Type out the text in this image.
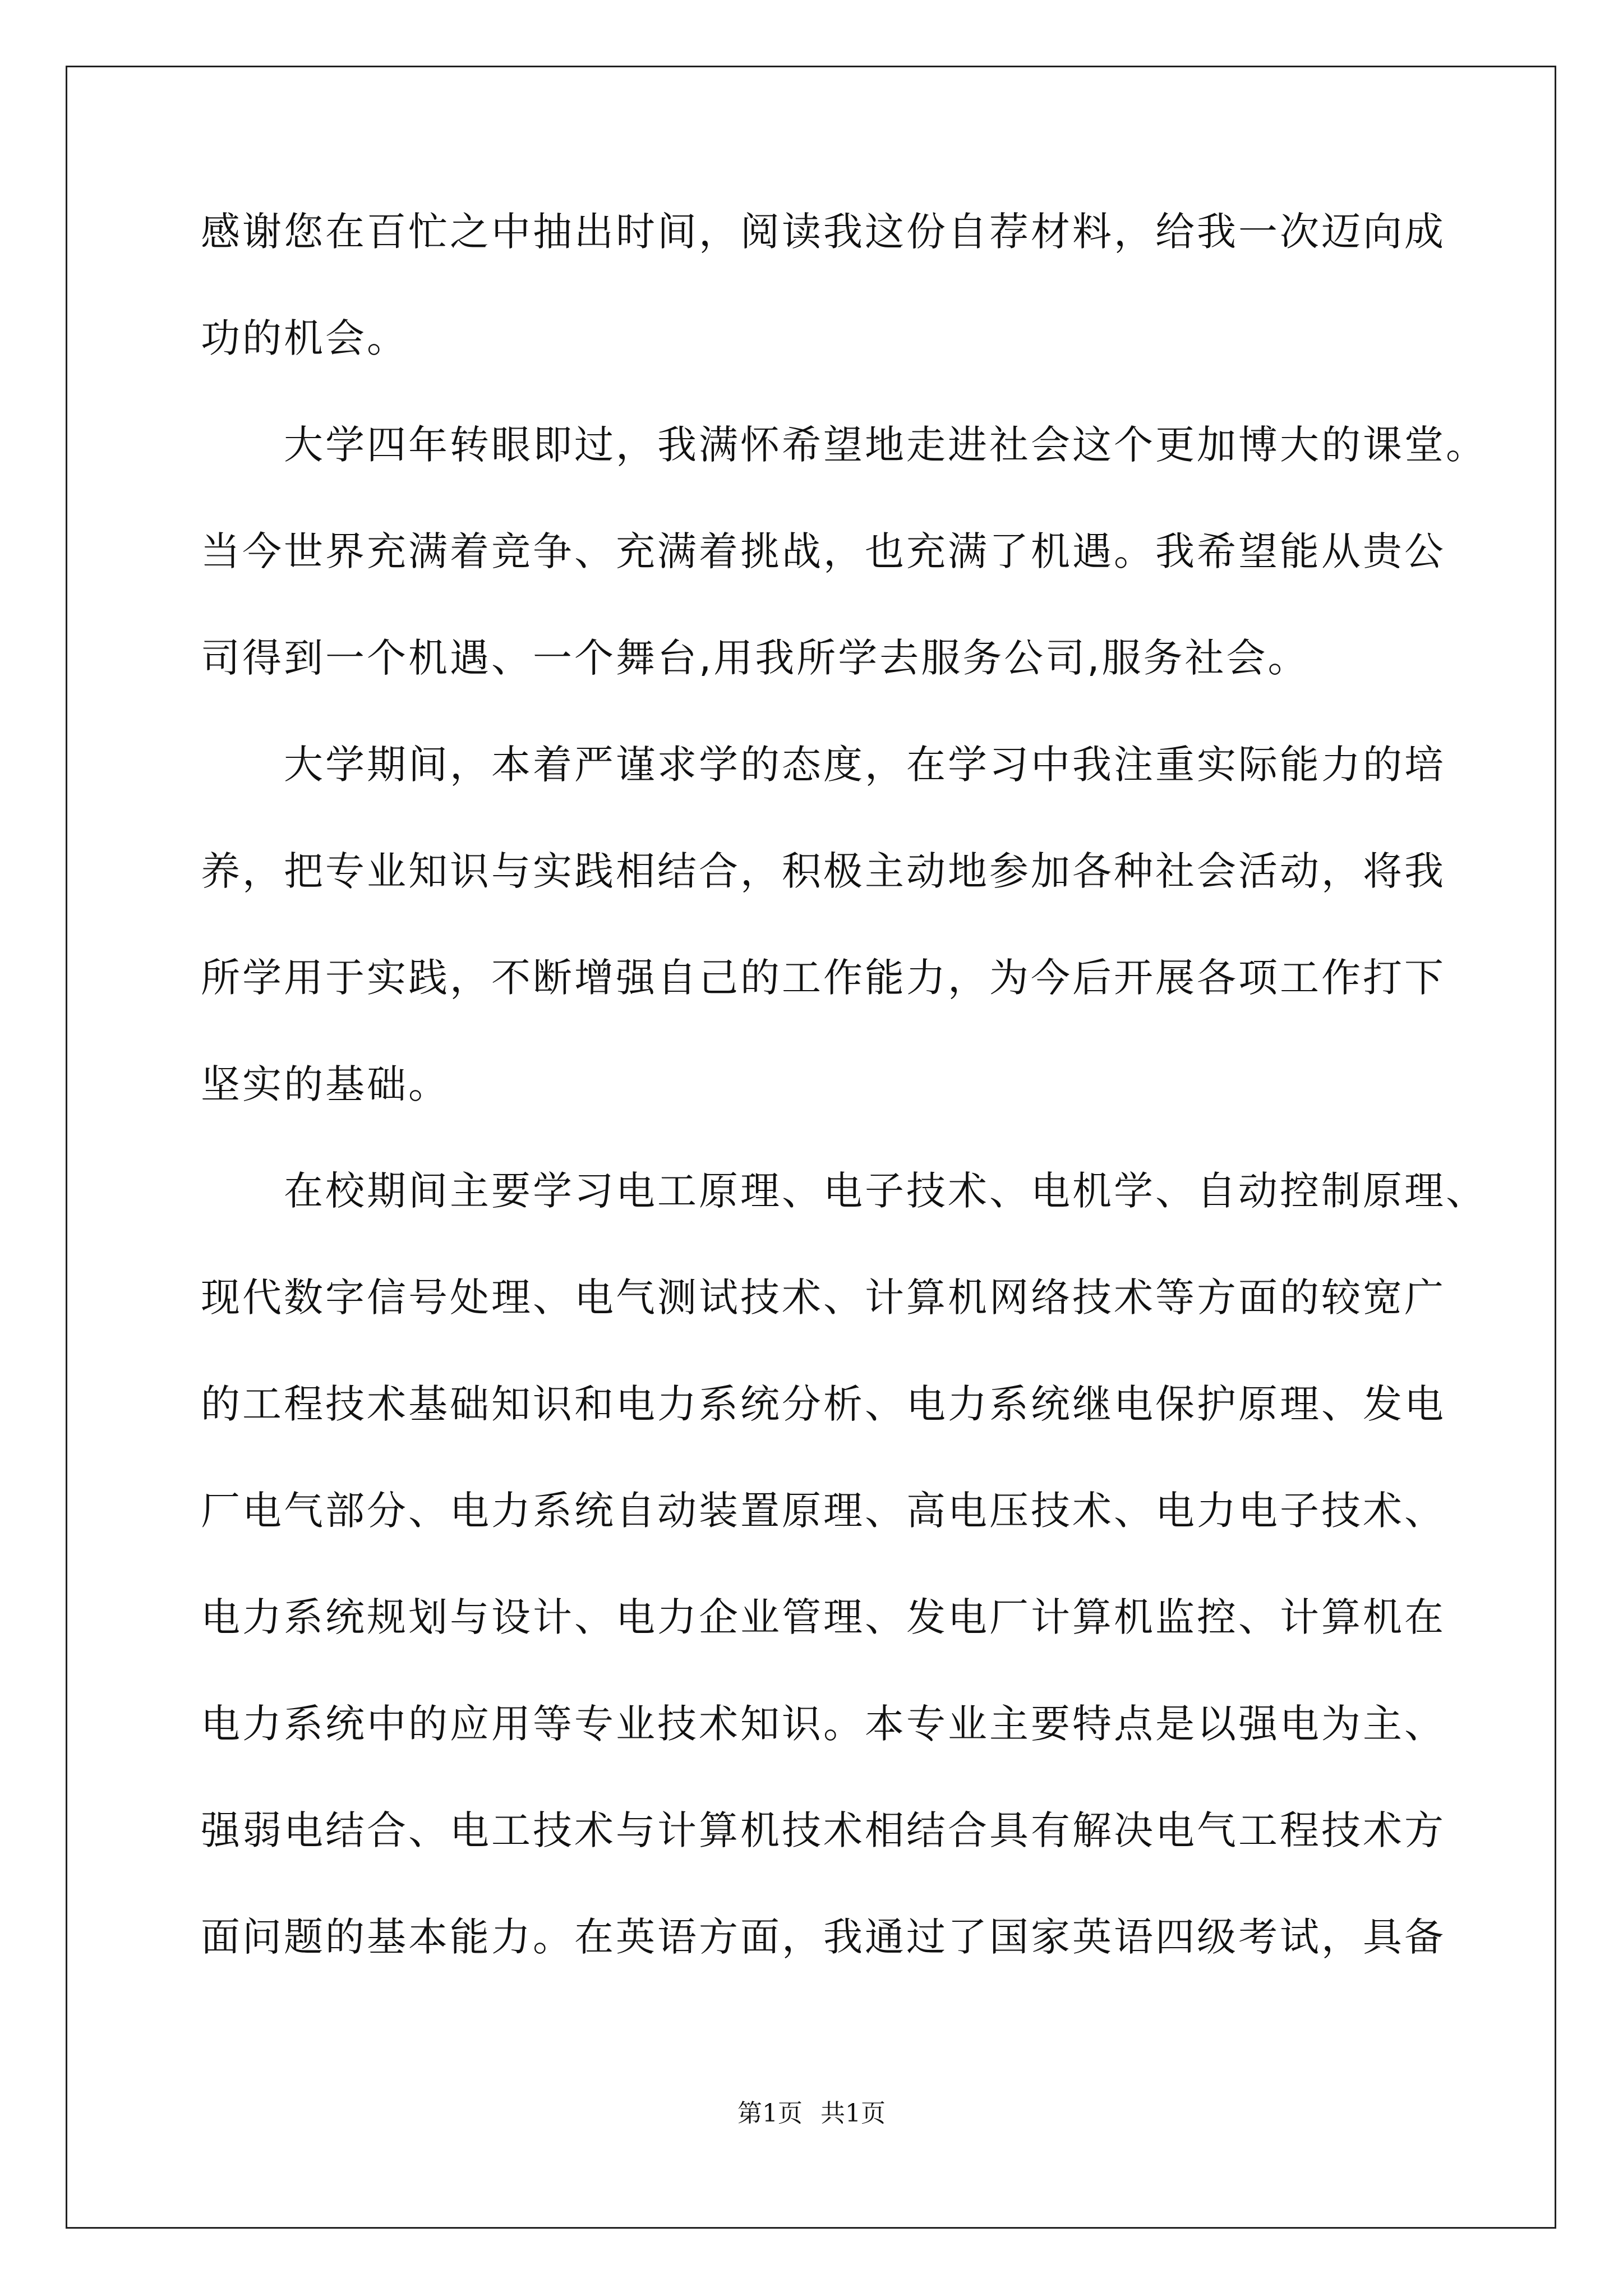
感谢您在百忙之中抽出时间，阅读我这份自荐材料，给我一次迈向成
功的机会。
大学四年转眼即过，我满怀希望地走进社会这个更加博大的课堂。
当今世界充满着竞争、充满着挑战，也充满了机遇。我希望能从贵公
司得到一个机遇、一个舞台,用我所学去服务公司,服务社会。
大学期间，本着严谨求学的态度，在学习中我注重实际能力的培
养，把专业知识与实践相结合，积极主动地参加各种社会活动，将我
所学用于实践，不断增强自己的工作能力，为今后开展各项工作打下
坚实的基础。
在校期间主要学习电工原理、电子技术、电机学、自动控制原理、
现代数字信号处理、电气测试技术、计算机网络技术等方面的较宽广
的工程技术基础知识和电力系统分析、电力系统继电保护原理、发电
厂电气部分、电力系统自动装置原理、高电压技术、电力电子技术、
电力系统规划与设计、电力企业管理、发电厂计算机监控、计算机在
电力系统中的应用等专业技术知识。本专业主要特点是以强电为主、
强弱电结合、电工技术与计算机技术相结合具有解决电气工程技术方
面问题的基本能力。在英语方面，我通过了国家英语四级考试，具备
第1页 共1页
